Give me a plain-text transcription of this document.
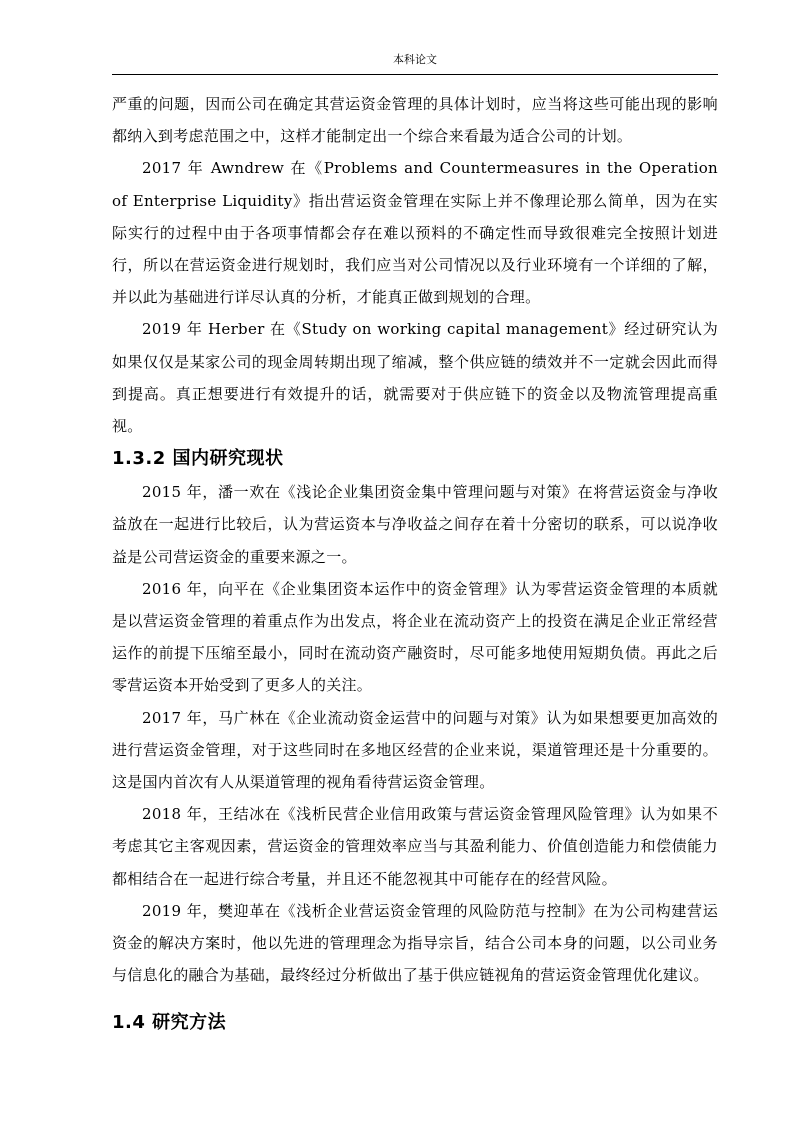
本科论文

严重的问题，因而公司在确定其营运资金管理的具体计划时，应当将这些可能出现的影响都纳入到考虑范围之中，这样才能制定出一个综合来看最为适合公司的计划。

2017 年 Awndrew 在《Problems and Countermeasures in the Operation of Enterprise Liquidity》指出营运资金管理在实际上并不像理论那么简单，因为在实际实行的过程中由于各项事情都会存在难以预料的不确定性而导致很难完全按照计划进行，所以在营运资金进行规划时，我们应当对公司情况以及行业环境有一个详细的了解，并以此为基础进行详尽认真的分析，才能真正做到规划的合理。

2019 年 Herber 在《Study on working capital management》经过研究认为如果仅仅是某家公司的现金周转期出现了缩减，整个供应链的绩效并不一定就会因此而得到提高。真正想要进行有效提升的话，就需要对于供应链下的资金以及物流管理提高重视。

1.3.2 国内研究现状

2015 年，潘一欢在《浅论企业集团资金集中管理问题与对策》在将营运资金与净收益放在一起进行比较后，认为营运资本与净收益之间存在着十分密切的联系，可以说净收益是公司营运资金的重要来源之一。

2016 年，向平在《企业集团资本运作中的资金管理》认为零营运资金管理的本质就是以营运资金管理的着重点作为出发点，将企业在流动资产上的投资在满足企业正常经营运作的前提下压缩至最小，同时在流动资产融资时，尽可能多地使用短期负债。再此之后零营运资本开始受到了更多人的关注。

2017 年，马广林在《企业流动资金运营中的问题与对策》认为如果想要更加高效的进行营运资金管理，对于这些同时在多地区经营的企业来说，渠道管理还是十分重要的。这是国内首次有人从渠道管理的视角看待营运资金管理。

2018 年，王结冰在《浅析民营企业信用政策与营运资金管理风险管理》认为如果不考虑其它主客观因素，营运资金的管理效率应当与其盈利能力、价值创造能力和偿债能力都相结合在一起进行综合考量，并且还不能忽视其中可能存在的经营风险。

2019 年，樊迎革在《浅析企业营运资金管理的风险防范与控制》在为公司构建营运资金的解决方案时，他以先进的管理理念为指导宗旨，结合公司本身的问题，以公司业务与信息化的融合为基础，最终经过分析做出了基于供应链视角的营运资金管理优化建议。

1.4 研究方法
